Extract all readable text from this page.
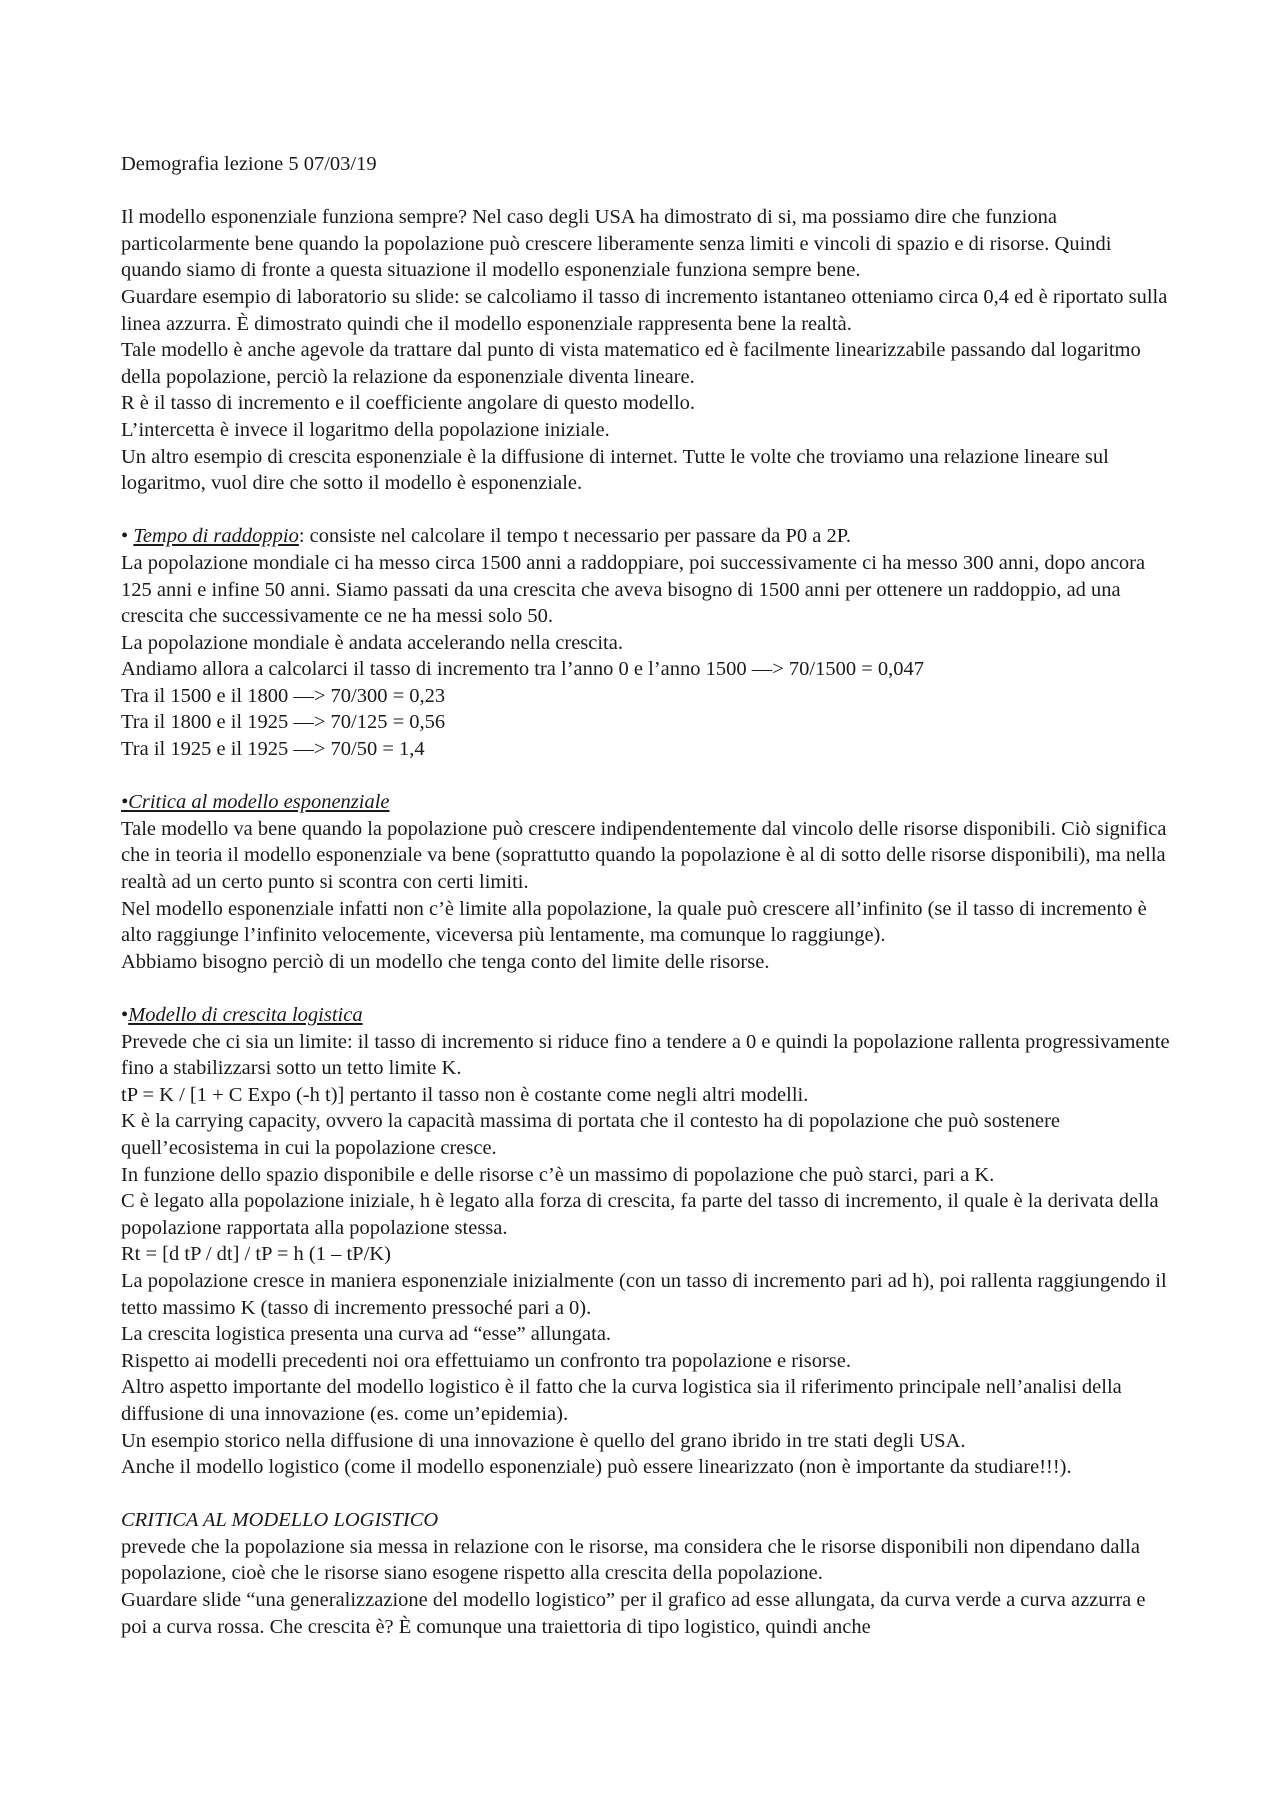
Demografia lezione 5 07/03/19

Il modello esponenziale funziona sempre? Nel caso degli USA ha dimostrato di si, ma possiamo dire che funziona particolarmente bene quando la popolazione può crescere liberamente senza limiti e vincoli di spazio e di risorse. Quindi quando siamo di fronte a questa situazione il modello esponenziale funziona sempre bene.

Guardare esempio di laboratorio su slide: se calcoliamo il tasso di incremento istantaneo otteniamo circa 0,4 ed è riportato sulla linea azzurra. È dimostrato quindi che il modello esponenziale rappresenta bene la realtà.

Tale modello è anche agevole da trattare dal punto di vista matematico ed è facilmente linearizzabile passando dal logaritmo della popolazione, perciò la relazione da esponenziale diventa lineare.

R è il tasso di incremento e il coefficiente angolare di questo modello.

L’intercetta è invece il logaritmo della popolazione iniziale.

Un altro esempio di crescita esponenziale è la diffusione di internet. Tutte le volte che troviamo una relazione lineare sul logaritmo, vuol dire che sotto il modello è esponenziale.

• Tempo di raddoppio: consiste nel calcolare il tempo t necessario per passare da P0 a 2P.

La popolazione mondiale ci ha messo circa 1500 anni a raddoppiare, poi successivamente ci ha messo 300 anni, dopo ancora 125 anni e infine 50 anni. Siamo passati da una crescita che aveva bisogno di 1500 anni per ottenere un raddoppio, ad una crescita che successivamente ce ne ha messi solo 50.

La popolazione mondiale è andata accelerando nella crescita.

Andiamo allora a calcolarci il tasso di incremento tra l’anno 0 e l’anno 1500 —> 70/1500 = 0,047

Tra il 1500 e il 1800 —> 70/300 = 0,23

Tra il 1800 e il 1925 —> 70/125 = 0,56

Tra il 1925 e il 1925 —> 70/50 = 1,4

•Critica al modello esponenziale

Tale modello va bene quando la popolazione può crescere indipendentemente dal vincolo delle risorse disponibili. Ciò significa che in teoria il modello esponenziale va bene (soprattutto quando la popolazione è al di sotto delle risorse disponibili), ma nella realtà ad un certo punto si scontra con certi limiti.

Nel modello esponenziale infatti non c’è limite alla popolazione, la quale può crescere all’infinito (se il tasso di incremento è alto raggiunge l’infinito velocemente, viceversa più lentamente, ma comunque lo raggiunge).

Abbiamo bisogno perciò di un modello che tenga conto del limite delle risorse.

•Modello di crescita logistica

Prevede che ci sia un limite: il tasso di incremento si riduce fino a tendere a 0 e quindi la popolazione rallenta progressivamente fino a stabilizzarsi sotto un tetto limite K.

tP = K / [1 + C Expo (-h t)] pertanto il tasso non è costante come negli altri modelli.

K è la carrying capacity, ovvero la capacità massima di portata che il contesto ha di popolazione che può sostenere quell’ecosistema in cui la popolazione cresce.

In funzione dello spazio disponibile e delle risorse c’è un massimo di popolazione che può starci, pari a K.

C è legato alla popolazione iniziale, h è legato alla forza di crescita, fa parte del tasso di incremento, il quale è la derivata della popolazione rapportata alla popolazione stessa.

Rt = [d tP / dt] / tP = h (1 – tP/K)

La popolazione cresce in maniera esponenziale inizialmente (con un tasso di incremento pari ad h), poi rallenta raggiungendo il tetto massimo K (tasso di incremento pressoché pari a 0).

La crescita logistica presenta una curva ad “esse” allungata.

Rispetto ai modelli precedenti noi ora effettuiamo un confronto tra popolazione e risorse.

Altro aspetto importante del modello logistico è il fatto che la curva logistica sia il riferimento principale nell’analisi della diffusione di una innovazione (es. come un’epidemia).

Un esempio storico nella diffusione di una innovazione è quello del grano ibrido in tre stati degli USA.

Anche il modello logistico (come il modello esponenziale) può essere linearizzato (non è importante da studiare!!!).

CRITICA AL MODELLO LOGISTICO

prevede che la popolazione sia messa in relazione con le risorse, ma considera che le risorse disponibili non dipendano dalla popolazione, cioè che le risorse siano esogene rispetto alla crescita della popolazione.

Guardare slide “una generalizzazione del modello logistico” per il grafico ad esse allungata, da curva verde a curva azzurra e poi a curva rossa. Che crescita è? È comunque una traiettoria di tipo logistico, quindi anche
